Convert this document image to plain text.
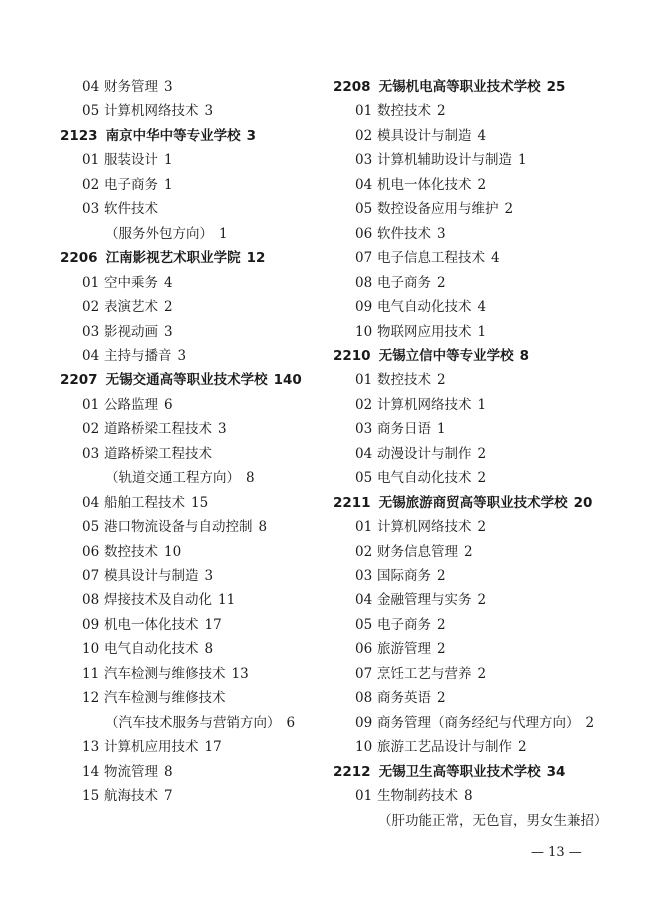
04 财务管理 3
05 计算机网络技术 3
2123 南京中华中等专业学校 3
01 服装设计 1
02 电子商务 1
03 软件技术
（服务外包方向） 1
2206 江南影视艺术职业学院 12
01 空中乘务 4
02 表演艺术 2
03 影视动画 3
04 主持与播音 3
2207 无锡交通高等职业技术学校 140
01 公路监理 6
02 道路桥梁工程技术 3
03 道路桥梁工程技术
（轨道交通工程方向） 8
04 船舶工程技术 15
05 港口物流设备与自动控制 8
06 数控技术 10
07 模具设计与制造 3
08 焊接技术及自动化 11
09 机电一体化技术 17
10 电气自动化技术 8
11 汽车检测与维修技术 13
12 汽车检测与维修技术
（汽车技术服务与营销方向） 6
13 计算机应用技术 17
14 物流管理 8
15 航海技术 7
2208 无锡机电高等职业技术学校 25
01 数控技术 2
02 模具设计与制造 4
03 计算机辅助设计与制造 1
04 机电一体化技术 2
05 数控设备应用与维护 2
06 软件技术 3
07 电子信息工程技术 4
08 电子商务 2
09 电气自动化技术 4
10 物联网应用技术 1
2210 无锡立信中等专业学校 8
01 数控技术 2
02 计算机网络技术 1
03 商务日语 1
04 动漫设计与制作 2
05 电气自动化技术 2
2211 无锡旅游商贸高等职业技术学校 20
01 计算机网络技术 2
02 财务信息管理 2
03 国际商务 2
04 金融管理与实务 2
05 电子商务 2
06 旅游管理 2
07 烹饪工艺与营养 2
08 商务英语 2
09 商务管理（商务经纪与代理方向） 2
10 旅游工艺品设计与制作 2
2212 无锡卫生高等职业技术学校 34
01 生物制药技术 8
（肝功能正常，无色盲，男女生兼招）
— 13 —
